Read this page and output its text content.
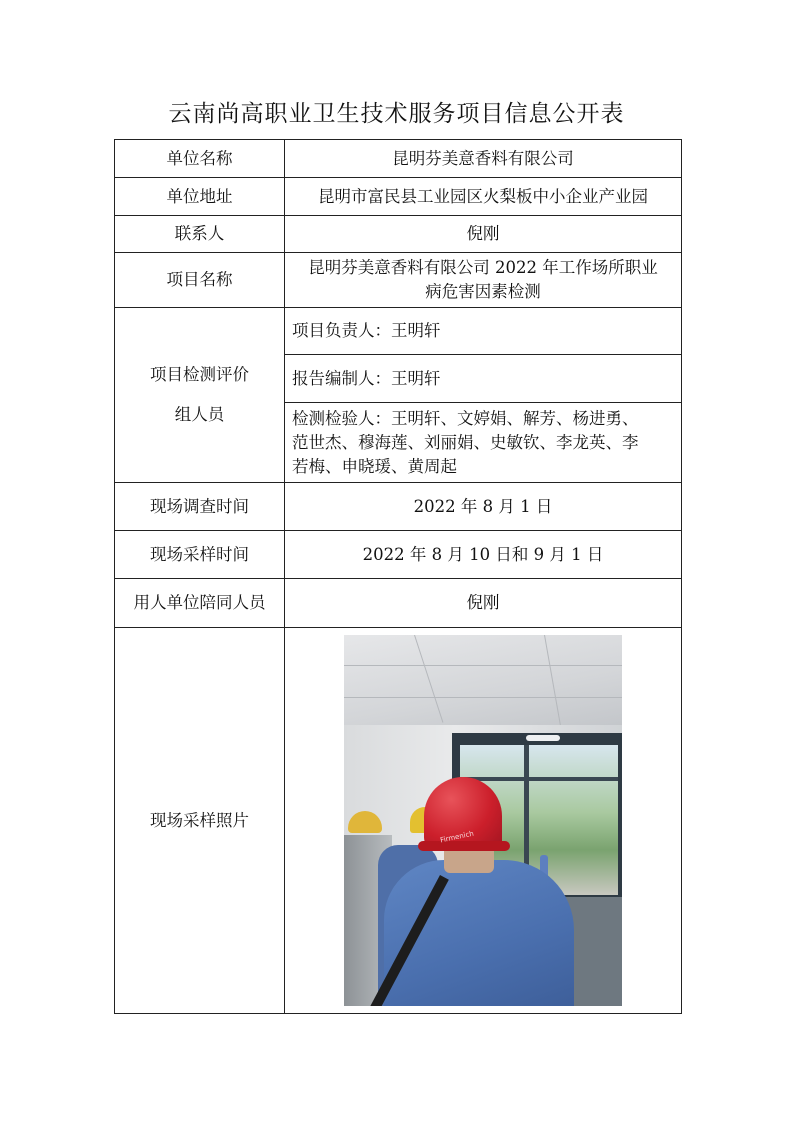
云南尚高职业卫生技术服务项目信息公开表
单位名称	昆明芬美意香料有限公司
单位地址	昆明市富民县工业园区火梨板中小企业产业园
联系人	倪刚
项目名称	昆明芬美意香料有限公司 2022 年工作场所职业
病危害因素检测

项目检测评价
组人员	项目负责人：王明轩
	报告编制人：王明轩

	检测检验人：王明轩、文婷娟、解芳、杨进勇、
范世杰、穆海莲、刘丽娟、史敏钦、李龙英、李
若梅、申晓瑗、黄周起

现场调查时间	2022 年 8 月 1 日
现场采样时间	2022 年 8 月 10 日和 9 月 1 日
用人单位陪同人员	倪刚
现场采样照片	Firmenich
